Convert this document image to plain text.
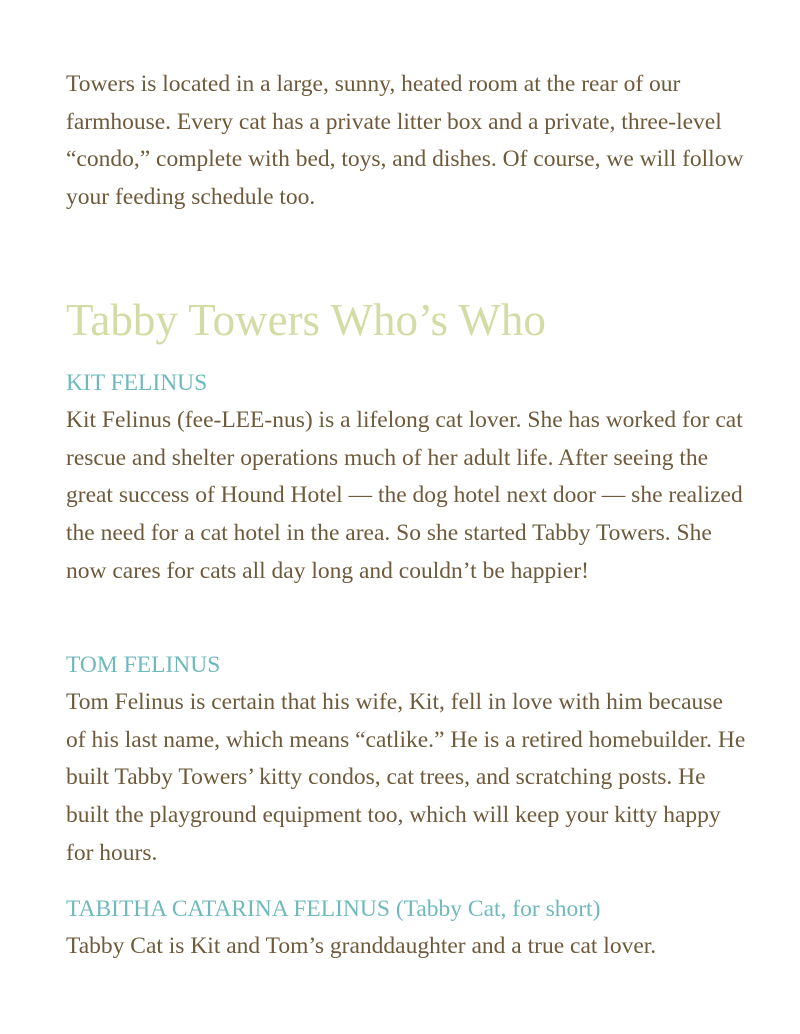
Towers is located in a large, sunny, heated room at the rear of our farmhouse. Every cat has a private litter box and a private, three-level “condo,” complete with bed, toys, and dishes. Of course, we will follow your feeding schedule too.

Tabby Towers Who’s Who
KIT FELINUS

Kit Felinus (fee-LEE-nus) is a lifelong cat lover. She has worked for cat rescue and shelter operations much of her adult life. After seeing the great success of Hound Hotel — the dog hotel next door — she realized the need for a cat hotel in the area. So she started Tabby Towers. She now cares for cats all day long and couldn’t be happier!

TOM FELINUS

Tom Felinus is certain that his wife, Kit, fell in love with him because of his last name, which means “catlike.” He is a retired homebuilder. He built Tabby Towers’ kitty condos, cat trees, and scratching posts. He built the playground equipment too, which will keep your kitty happy for hours.

TABITHA CATARINA FELINUS (Tabby Cat, for short)

Tabby Cat is Kit and Tom’s granddaughter and a true cat lover.
